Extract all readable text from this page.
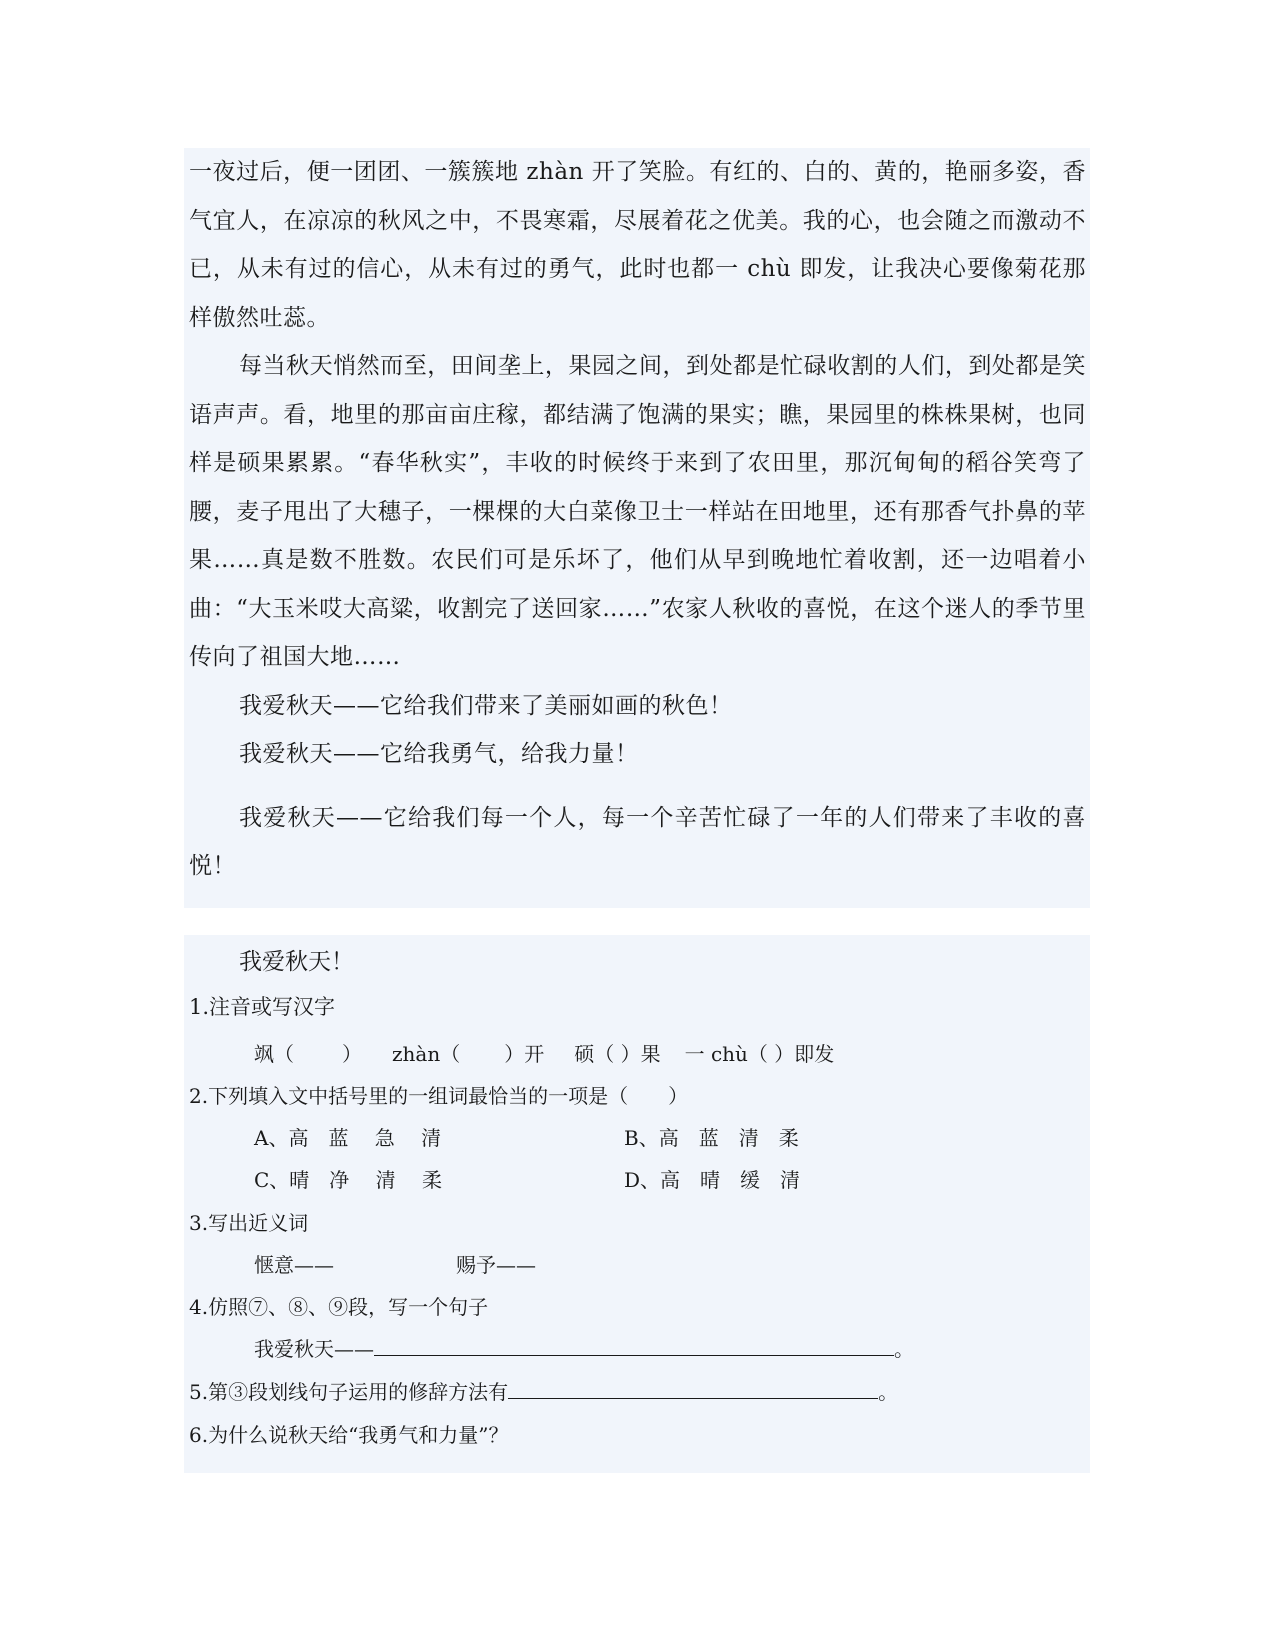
一夜过后，便一团团、一簇簇地 zhàn 开了笑脸。有红的、白的、黄的，艳丽多姿，香气宜人，在凉凉的秋风之中，不畏寒霜，尽展着花之优美。我的心，也会随之而激动不已，从未有过的信心，从未有过的勇气，此时也都一 chù 即发，让我决心要像菊花那样傲然吐蕊。

每当秋天悄然而至，田间垄上，果园之间，到处都是忙碌收割的人们，到处都是笑语声声。看，地里的那亩亩庄稼，都结满了饱满的果实；瞧，果园里的株株果树，也同样是硕果累累。“春华秋实”，丰收的时候终于来到了农田里，那沉甸甸的稻谷笑弯了腰，麦子甩出了大穗子，一棵棵的大白菜像卫士一样站在田地里，还有那香气扑鼻的苹果……真是数不胜数。农民们可是乐坏了，他们从早到晚地忙着收割，还一边唱着小曲：“大玉米哎大高粱，收割完了送回家……”农家人秋收的喜悦，在这个迷人的季节里传向了祖国大地……

我爱秋天——它给我们带来了美丽如画的秋色！

我爱秋天——它给我勇气，给我力量！

我爱秋天——它给我们每一个人，每一个辛苦忙碌了一年的人们带来了丰收的喜悦！

我爱秋天！

1.注音或写汉字

飒（ ） zhàn（ ）开 硕（ ）果 一 chù（ ）即发

2.下列填入文中括号里的一组词最恰当的一项是（　　）

A、高　蓝　 急　 清	B、高　蓝　清　柔

C、晴　净　 清　 柔	D、高　晴　缓　清

3.写出近义词

惬意——	赐予——

4.仿照⑦、⑧、⑨段，写一个句子

我爱秋天——	。
5.第③段划线句子运用的修辞方法有	。

6.为什么说秋天给“我勇气和力量”？
